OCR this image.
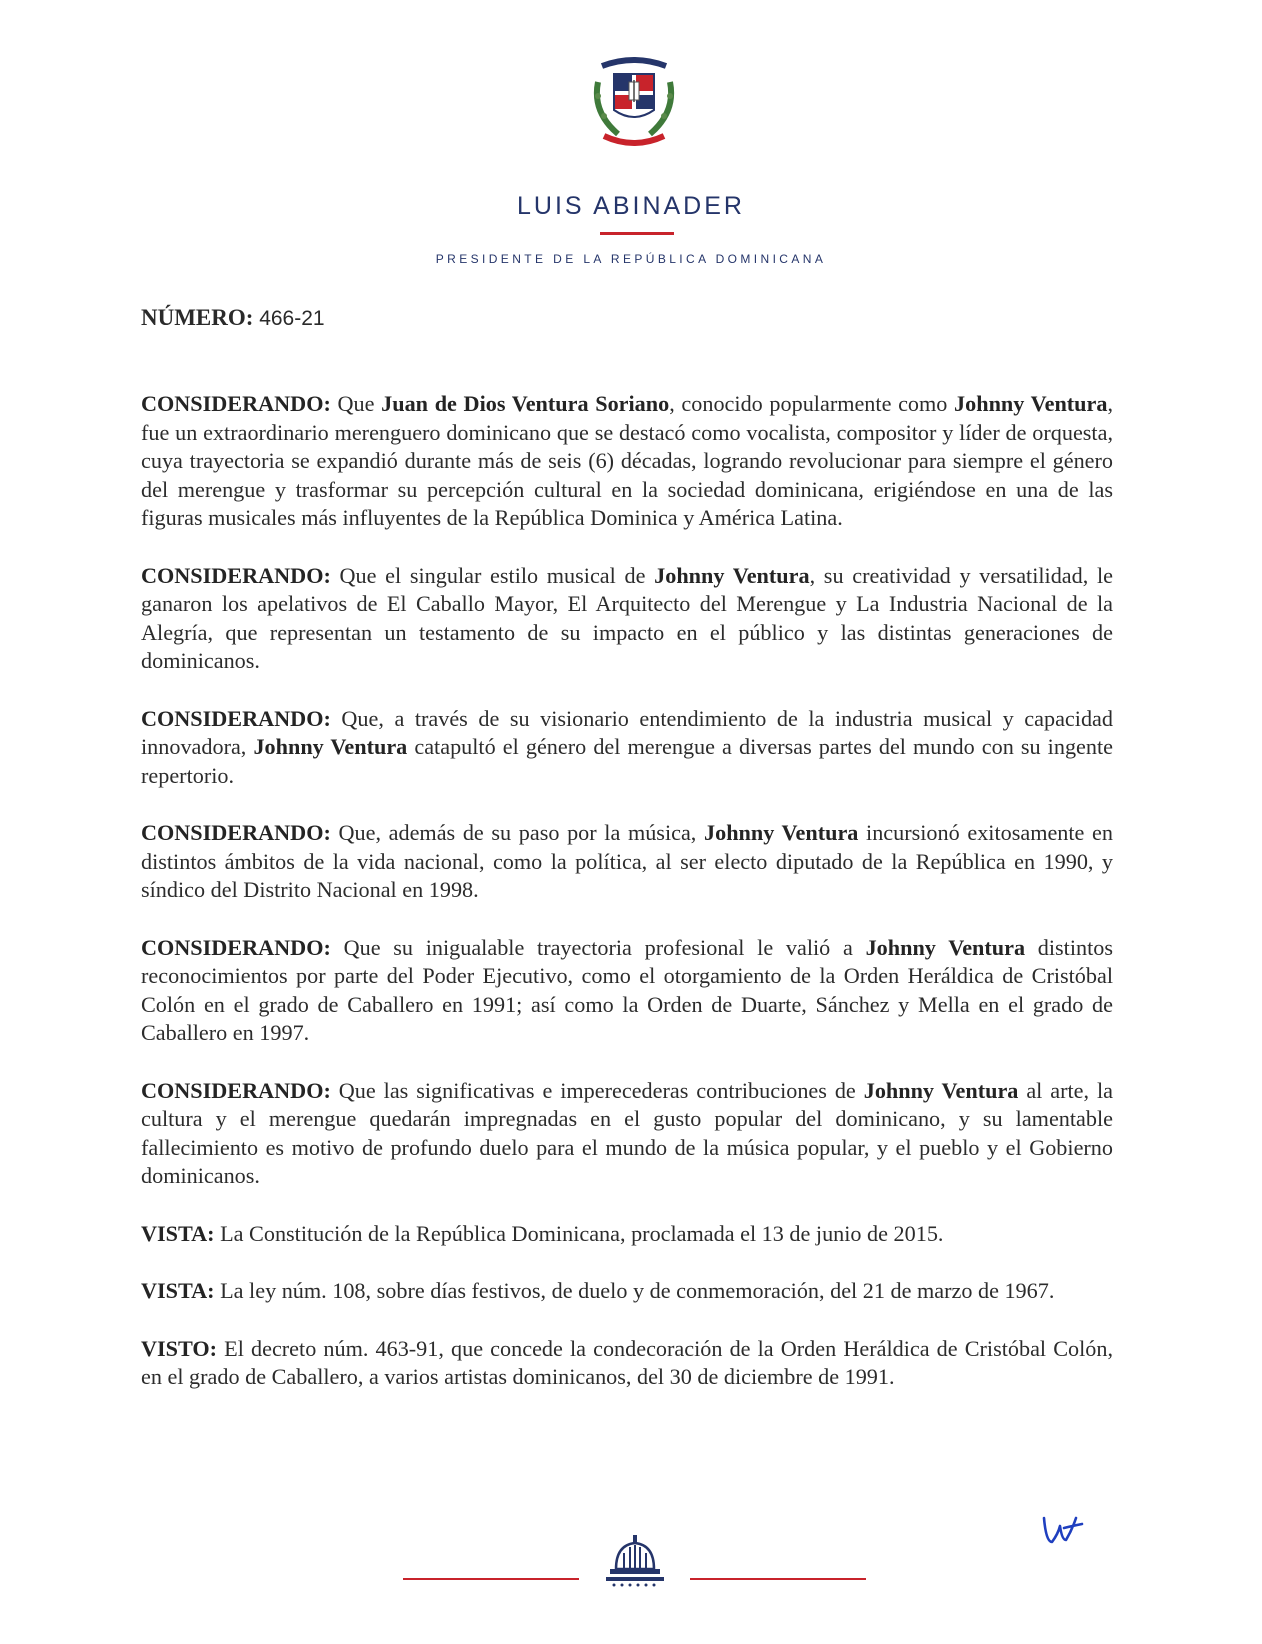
LUIS ABINADER
PRESIDENTE DE LA REPÚBLICA DOMINICANA
NÚMERO: 466-21

CONSIDERANDO: Que Juan de Dios Ventura Soriano, conocido popularmente como Johnny Ventura, fue un extraordinario merenguero dominicano que se destacó como vocalista, compositor y líder de orquesta, cuya trayectoria se expandió durante más de seis (6) décadas, logrando revolucionar para siempre el género del merengue y trasformar su percepción cultural en la sociedad dominicana, erigiéndose en una de las figuras musicales más influyentes de la República Dominica y América Latina.

CONSIDERANDO: Que el singular estilo musical de Johnny Ventura, su creatividad y versatilidad, le ganaron los apelativos de El Caballo Mayor, El Arquitecto del Merengue y La Industria Nacional de la Alegría, que representan un testamento de su impacto en el público y las distintas generaciones de dominicanos.

CONSIDERANDO: Que, a través de su visionario entendimiento de la industria musical y capacidad innovadora, Johnny Ventura catapultó el género del merengue a diversas partes del mundo con su ingente repertorio.

CONSIDERANDO: Que, además de su paso por la música, Johnny Ventura incursionó exitosamente en distintos ámbitos de la vida nacional, como la política, al ser electo diputado de la República en 1990, y síndico del Distrito Nacional en 1998.

CONSIDERANDO: Que su inigualable trayectoria profesional le valió a Johnny Ventura distintos reconocimientos por parte del Poder Ejecutivo, como el otorgamiento de la Orden Heráldica de Cristóbal Colón en el grado de Caballero en 1991; así como la Orden de Duarte, Sánchez y Mella en el grado de Caballero en 1997.

CONSIDERANDO: Que las significativas e imperecederas contribuciones de Johnny Ventura al arte, la cultura y el merengue quedarán impregnadas en el gusto popular del dominicano, y su lamentable fallecimiento es motivo de profundo duelo para el mundo de la música popular, y el pueblo y el Gobierno dominicanos.

VISTA: La Constitución de la República Dominicana, proclamada el 13 de junio de 2015.

VISTA: La ley núm. 108, sobre días festivos, de duelo y de conmemoración, del 21 de marzo de 1967.

VISTO: El decreto núm. 463-91, que concede la condecoración de la Orden Heráldica de Cristóbal Colón, en el grado de Caballero, a varios artistas dominicanos, del 30 de diciembre de 1991.
